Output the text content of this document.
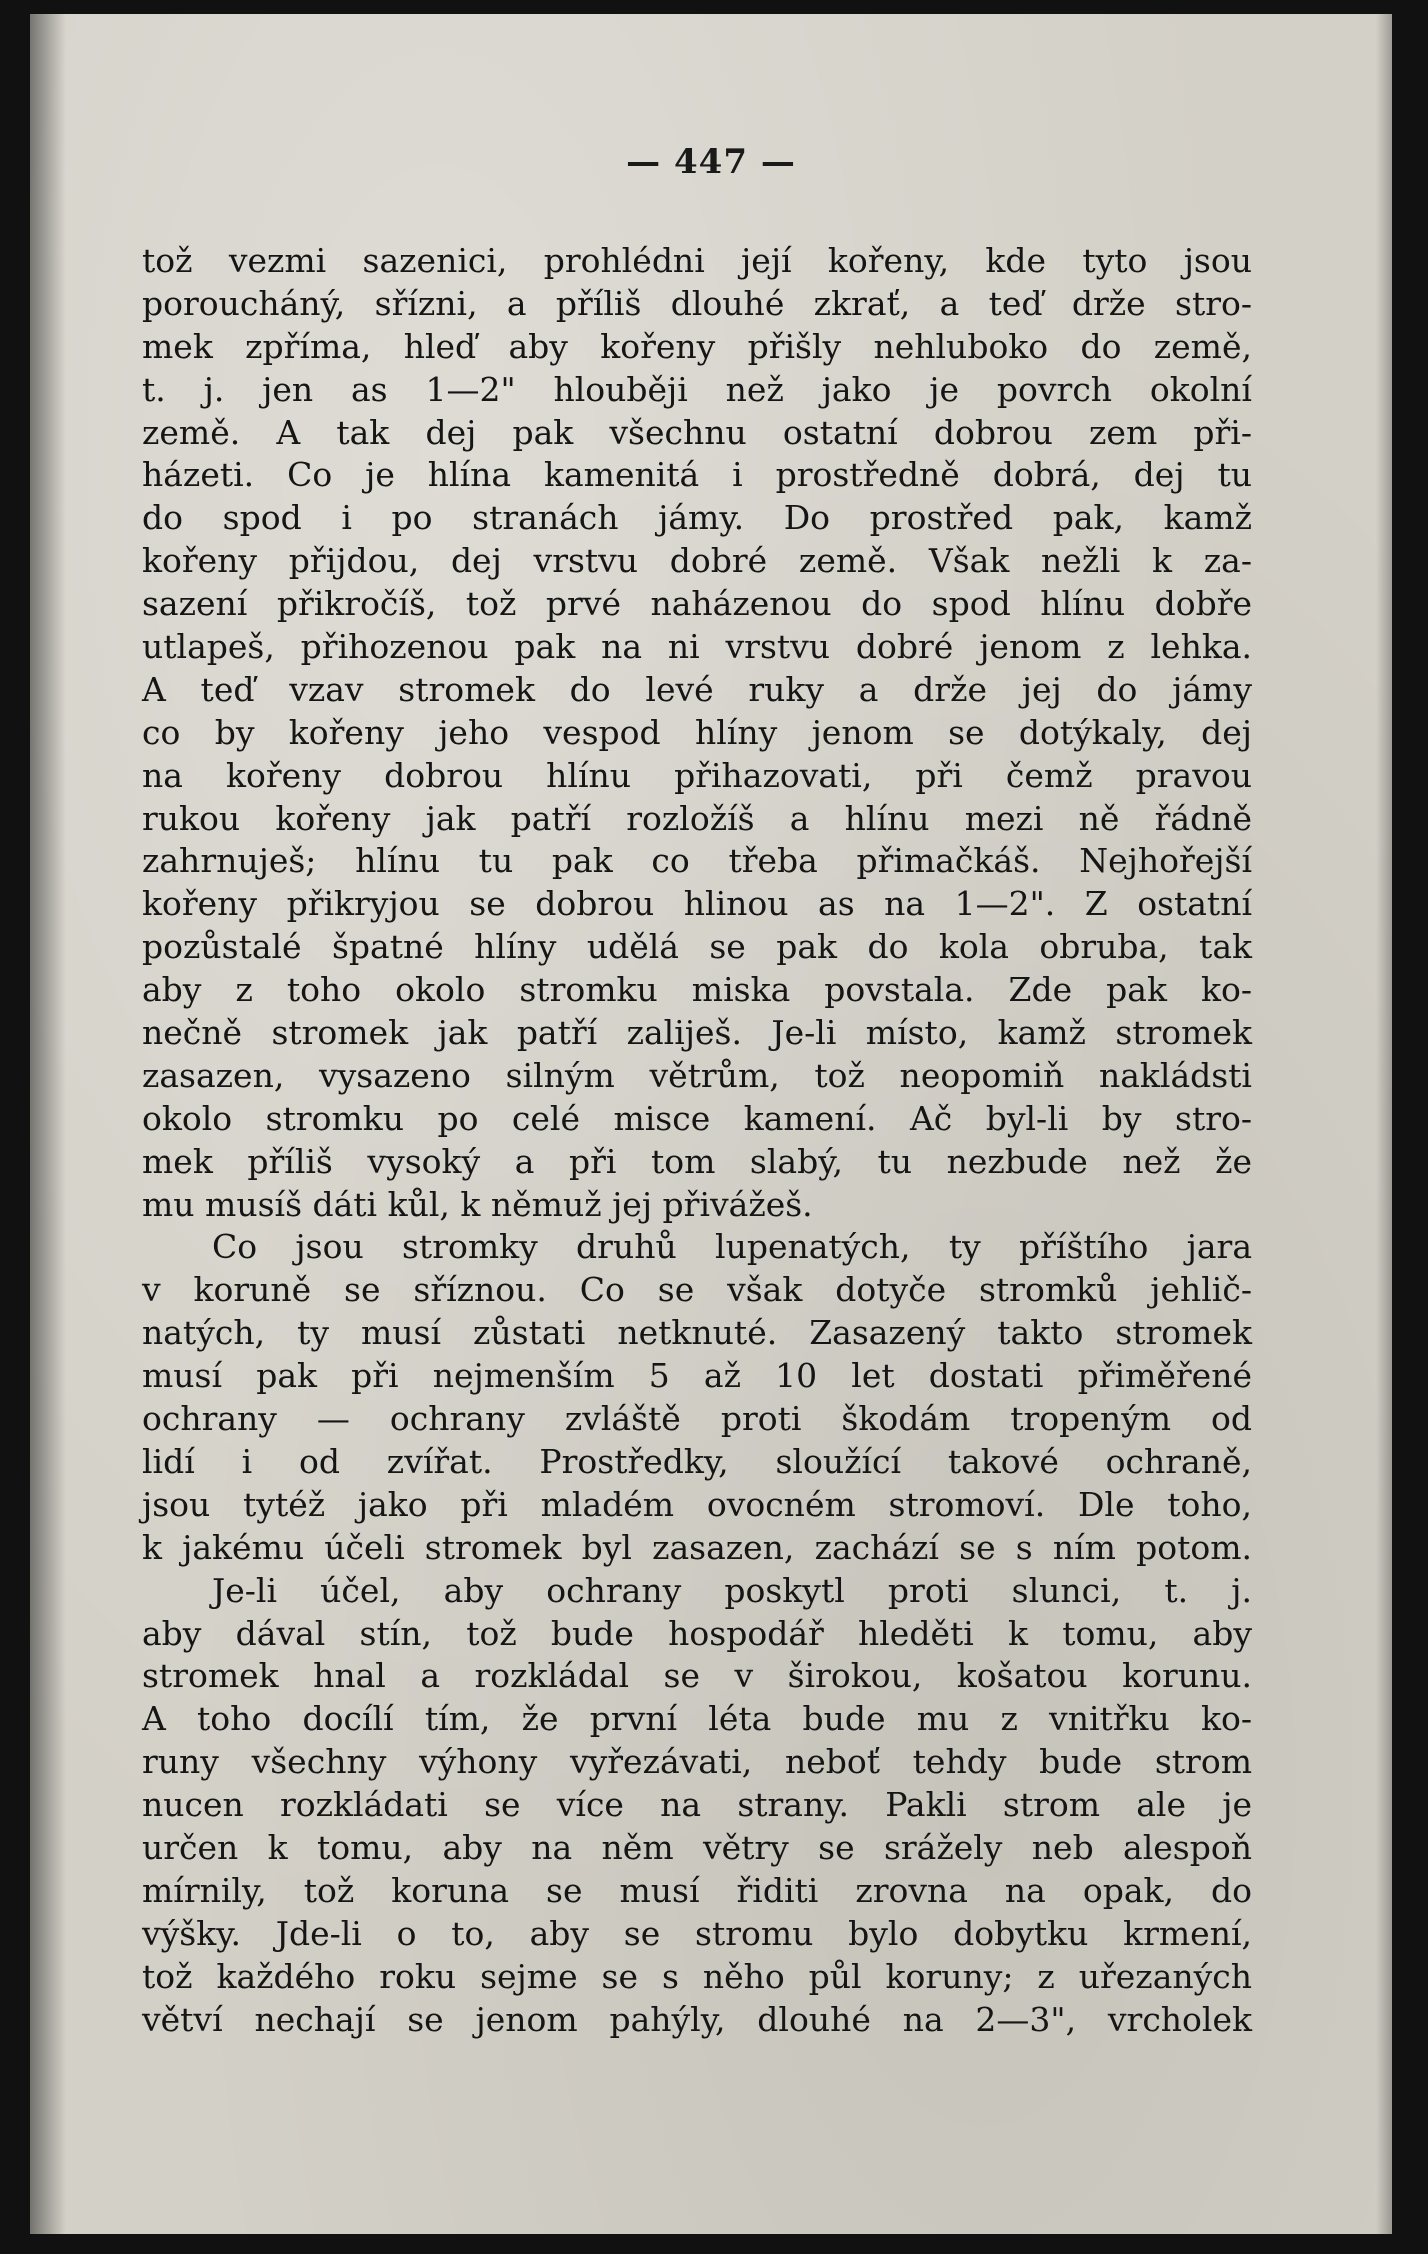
— 447 —
tož vezmi sazenici, prohlédni její kořeny, kde tyto jsou
poroucháný, sřízni, a příliš dlouhé zkrať, a teď drže stro-
mek zpříma, hleď aby kořeny přišly nehluboko do země,
t. j. jen as 1—2" hlouběji než jako je povrch okolní
země. A tak dej pak všechnu ostatní dobrou zem při-
házeti. Co je hlína kamenitá i prostředně dobrá, dej tu
do spod i po stranách jámy. Do prostřed pak, kamž
kořeny přijdou, dej vrstvu dobré země. Však nežli k za-
sazení přikročíš, tož prvé naházenou do spod hlínu dobře
utlapeš, přihozenou pak na ni vrstvu dobré jenom z lehka.
A teď vzav stromek do levé ruky a drže jej do jámy
co by kořeny jeho vespod hlíny jenom se dotýkaly, dej
na kořeny dobrou hlínu přihazovati, při čemž pravou
rukou kořeny jak patří rozložíš a hlínu mezi ně řádně
zahrnuješ; hlínu tu pak co třeba přimačkáš. Nejhořejší
kořeny přikryjou se dobrou hlinou as na 1—2". Z ostatní
pozůstalé špatné hlíny udělá se pak do kola obruba, tak
aby z toho okolo stromku miska povstala. Zde pak ko-
nečně stromek jak patří zaliješ. Je-li místo, kamž stromek
zasazen, vysazeno silným větrům, tož neopomiň nakládsti
okolo stromku po celé misce kamení. Ač byl-li by stro-
mek příliš vysoký a při tom slabý, tu nezbude než že
mu musíš dáti kůl, k němuž jej přivážeš.
Co jsou stromky druhů lupenatých, ty příštího jara
v koruně se sříznou. Co se však dotyče stromků jehlič-
natých, ty musí zůstati netknuté. Zasazený takto stromek
musí pak při nejmenším 5 až 10 let dostati přiměřené
ochrany — ochrany zvláště proti škodám tropeným od
lidí i od zvířat. Prostředky, sloužící takové ochraně,
jsou tytéž jako při mladém ovocném stromoví. Dle toho,
k jakému účeli stromek byl zasazen, zachází se s ním potom.
Je-li účel, aby ochrany poskytl proti slunci, t. j.
aby dával stín, tož bude hospodář hleděti k tomu, aby
stromek hnal a rozkládal se v širokou, košatou korunu.
A toho docílí tím, že první léta bude mu z vnitřku ko-
runy všechny výhony vyřezávati, neboť tehdy bude strom
nucen rozkládati se více na strany. Pakli strom ale je
určen k tomu, aby na něm větry se srážely neb alespoň
mírnily, tož koruna se musí řiditi zrovna na opak, do
výšky. Jde-li o to, aby se stromu bylo dobytku krmení,
tož každého roku sejme se s něho půl koruny; z uřezaných
větví nechají se jenom pahýly, dlouhé na 2—3", vrcholek
